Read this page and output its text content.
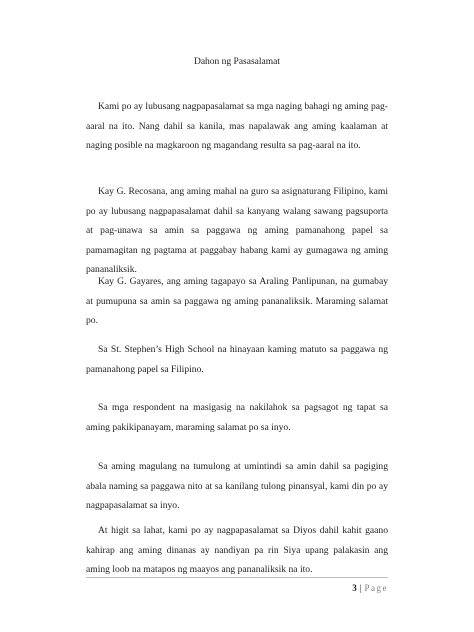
Dahon ng Pasasalamat

Kami po ay lubusang nagpapasalamat sa mga naging bahagi ng aming pag-aaral na ito. Nang dahil sa kanila, mas napalawak ang aming kaalaman at naging posible na magkaroon ng magandang resulta sa pag-aaral na ito.

Kay G. Recosana, ang aming mahal na guro sa asignaturang Filipino, kami po ay lubusang nagpapasalamat dahil sa kanyang walang sawang pagsuporta at pag-unawa sa amin sa paggawa ng aming pamanahong papel sa pamamagitan ng pagtama at paggabay habang kami ay gumagawa ng aming pananaliksik.

Kay G. Gayares, ang aming tagapayo sa Araling Panlipunan, na gumabay at pumupuna sa amin sa paggawa ng aming pananaliksik. Maraming salamat po.

Sa St. Stephen’s High School na hinayaan kaming matuto sa paggawa ng pamanahong papel sa Filipino.

Sa mga respondent na masigasig na nakilahok sa pagsagot ng tapat sa aming pakikipanayam, maraming salamat po sa inyo.

Sa aming magulang na tumulong at umintindi sa amin dahil sa pagiging abala naming sa paggawa nito at sa kanilang tulong pinansyal, kami din po ay nagpapasalamat sa inyo.

At higit sa lahat, kami po ay nagpapasalamat sa Diyos dahil kahit gaano kahirap ang aming dinanas ay nandiyan pa rin Siya upang palakasin ang aming loob na matapos ng maayos ang pananaliksik na ito.

3 | Page
